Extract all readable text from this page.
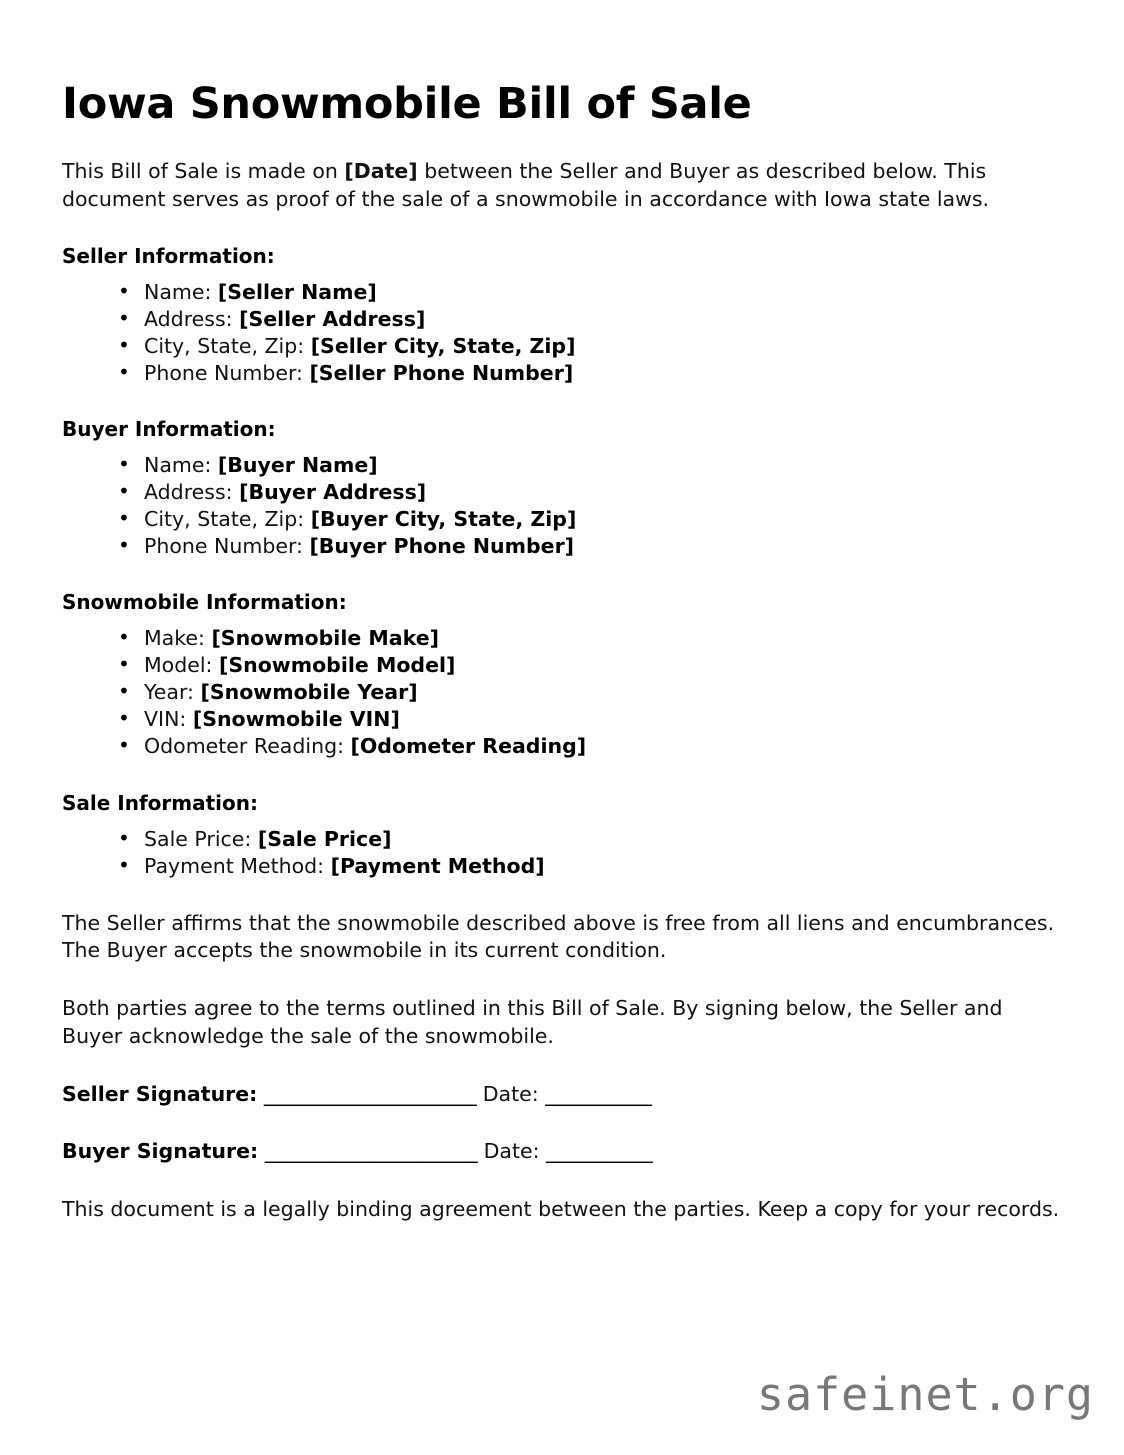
Iowa Snowmobile Bill of Sale

This Bill of Sale is made on [Date] between the Seller and Buyer as described below. This document serves as proof of the sale of a snowmobile in accordance with Iowa state laws.

Seller Information:
• Name: [Seller Name]
• Address: [Seller Address]
• City, State, Zip: [Seller City, State, Zip]
• Phone Number: [Seller Phone Number]
Buyer Information:
• Name: [Buyer Name]
• Address: [Buyer Address]
• City, State, Zip: [Buyer City, State, Zip]
• Phone Number: [Buyer Phone Number]
Snowmobile Information:
• Make: [Snowmobile Make]
• Model: [Snowmobile Model]
• Year: [Snowmobile Year]
• VIN: [Snowmobile VIN]
• Odometer Reading: [Odometer Reading]
Sale Information:
• Sale Price: [Sale Price]
• Payment Method: [Payment Method]

The Seller affirms that the snowmobile described above is free from all liens and encumbrances. The Buyer accepts the snowmobile in its current condition.

Both parties agree to the terms outlined in this Bill of Sale. By signing below, the Seller and Buyer acknowledge the sale of the snowmobile.

Seller Signature: ______________________ Date: ___________
Buyer Signature: ______________________ Date: ___________

This document is a legally binding agreement between the parties. Keep a copy for your records.

safeinet.org
